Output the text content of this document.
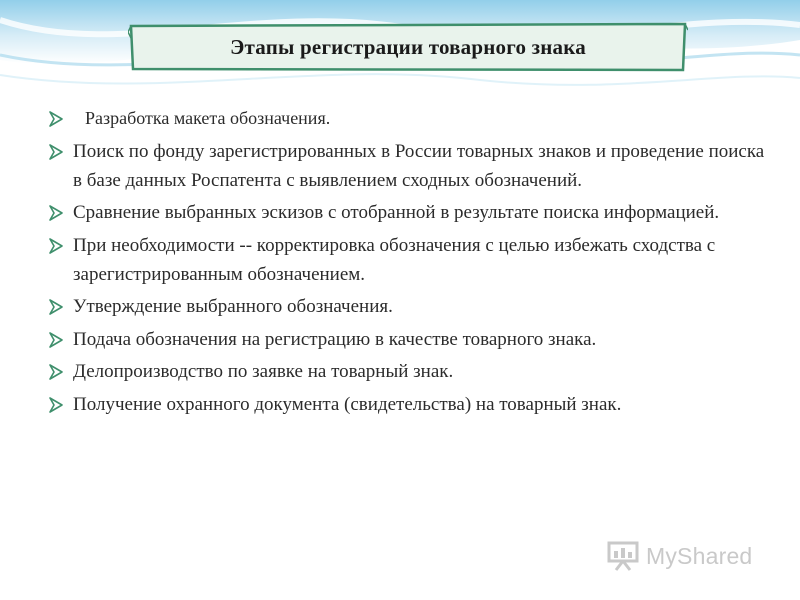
Этапы регистрации товарного знака
Разработка макета обозначения.
Поиск по фонду зарегистрированных в России товарных знаков и проведение поиска в базе данных Роспатента с выявлением сходных обозначений.
Сравнение выбранных эскизов с отобранной в результате поиска информацией.
При необходимости -- корректировка обозначения с целью избежать сходства с зарегистрированным обозначением.
Утверждение выбранного обозначения.
Подача обозначения на регистрацию в качестве товарного знака.
Делопроизводство по заявке на товарный знак.
Получение охранного документа (свидетельства) на товарный знак.
MyShared
